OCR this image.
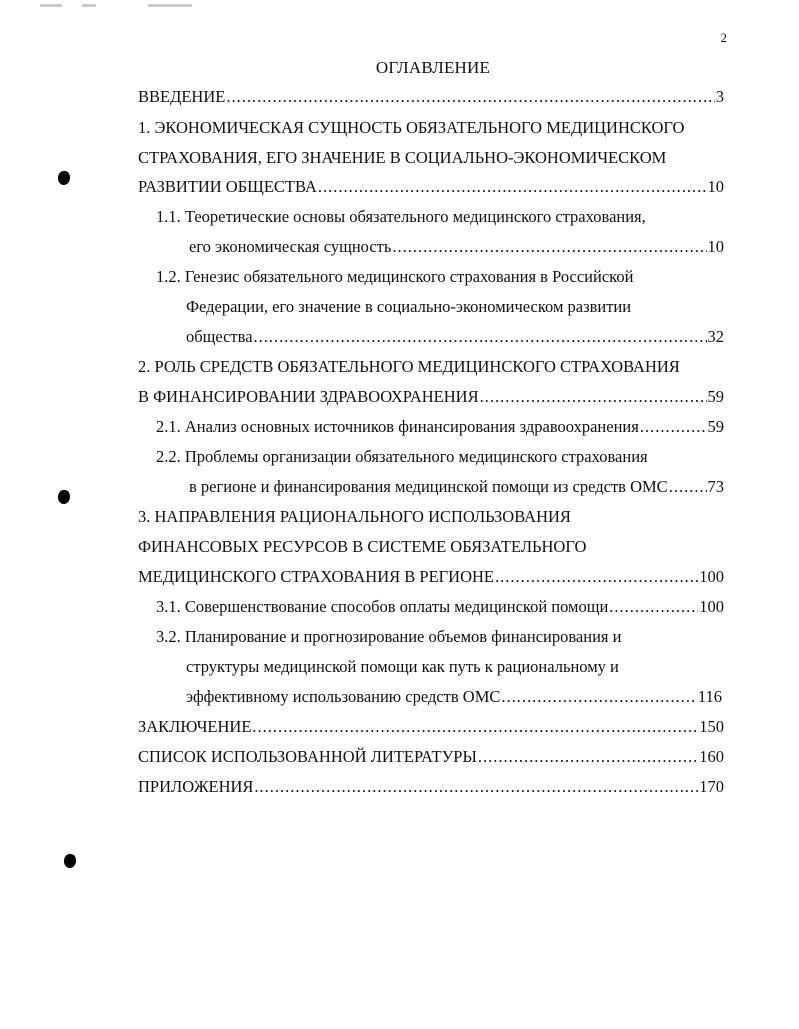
2
ОГЛАВЛЕНИЕ
ВВЕДЕНИЕ .....	3
1. ЭКОНОМИЧЕСКАЯ СУЩНОСТЬ ОБЯЗАТЕЛЬНОГО МЕДИЦИНСКОГО
СТРАХОВАНИЯ, ЕГО ЗНАЧЕНИЕ В СОЦИАЛЬНО-ЭКОНОМИЧЕСКОМ
РАЗВИТИИ ОБЩЕСТВА .....	10
1.1. Теоретические основы обязательного медицинского страхования,
его экономическая сущность .....	10
1.2. Генезис обязательного медицинского страхования в Российской
Федерации, его значение в социально-экономическом развитии
общества .....	32
2. РОЛЬ СРЕДСТВ ОБЯЗАТЕЛЬНОГО МЕДИЦИНСКОГО СТРАХОВАНИЯ
В ФИНАНСИРОВАНИИ ЗДРАВООХРАНЕНИЯ .....	59
2.1. Анализ основных источников финансирования здравоохранения .....	59
2.2. Проблемы организации обязательного медицинского страхования
в регионе и финансирования медицинской помощи из средств ОМС ..... 73
3. НАПРАВЛЕНИЯ РАЦИОНАЛЬНОГО ИСПОЛЬЗОВАНИЯ
ФИНАНСОВЫХ РЕСУРСОВ В СИСТЕМЕ ОБЯЗАТЕЛЬНОГО
МЕДИЦИНСКОГО СТРАХОВАНИЯ В РЕГИОНЕ .....	100
3.1. Совершенствование способов оплаты медицинской помощи .....	100
3.2. Планирование и прогнозирование объемов финансирования и
структуры медицинской помощи как путь к рациональному и
эффективному использованию средств ОМС .....	116
ЗАКЛЮЧЕНИЕ .....	150
СПИСОК ИСПОЛЬЗОВАННОЙ ЛИТЕРАТУРЫ .....	160
ПРИЛОЖЕНИЯ .....	170
